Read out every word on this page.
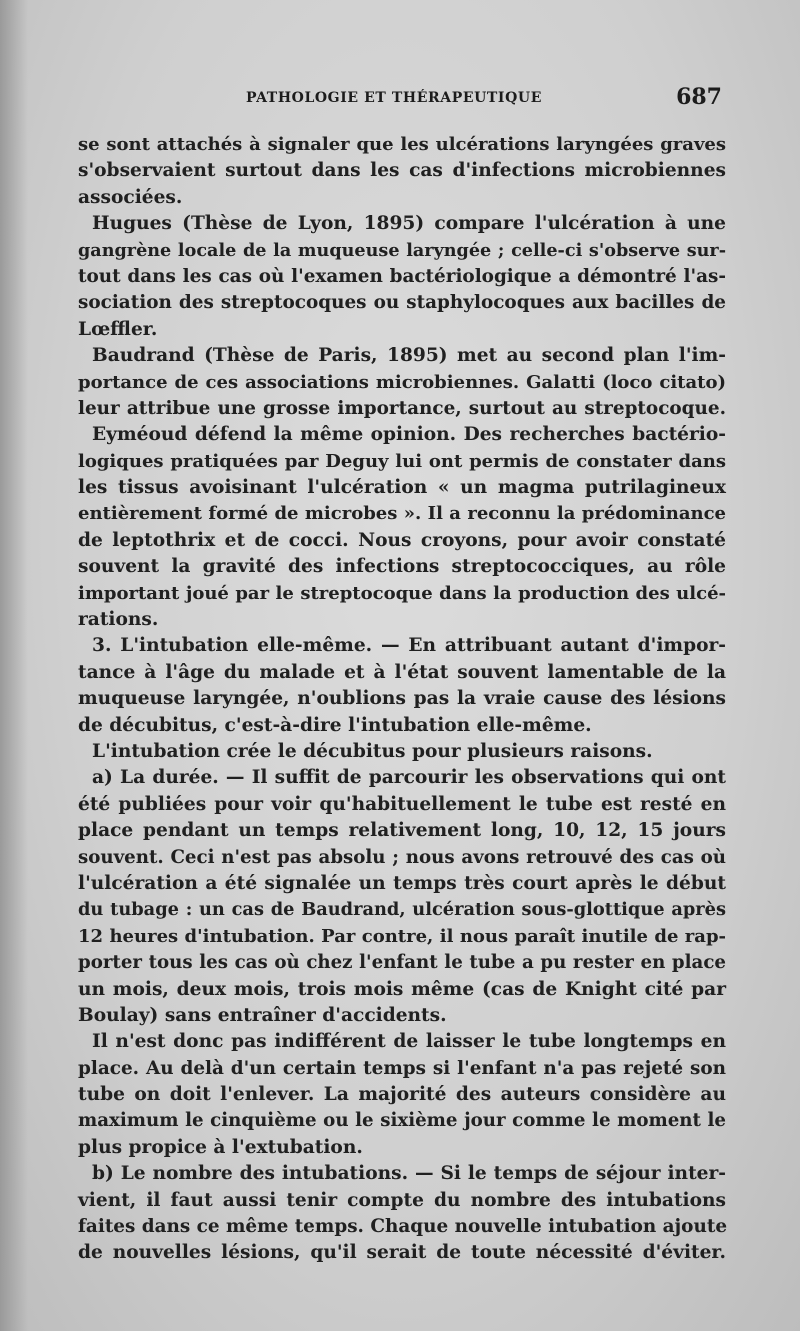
PATHOLOGIE ET THÉRAPEUTIQUE	687
se sont attachés à signaler que les ulcérations laryngées graves
s'observaient surtout dans les cas d'infections microbiennes
associées.
Hugues (Thèse de Lyon, 1895) compare l'ulcération à une
gangrène locale de la muqueuse laryngée ; celle-ci s'observe sur-
tout dans les cas où l'examen bactériologique a démontré l'as-
sociation des streptocoques ou staphylocoques aux bacilles de
Lœffler.
Baudrand (Thèse de Paris, 1895) met au second plan l'im-
portance de ces associations microbiennes. Galatti (loco citato)
leur attribue une grosse importance, surtout au streptocoque.
Eyméoud défend la même opinion. Des recherches bactério-
logiques pratiquées par Deguy lui ont permis de constater dans
les tissus avoisinant l'ulcération « un magma putrilagineux
entièrement formé de microbes ». Il a reconnu la prédominance
de leptothrix et de cocci. Nous croyons, pour avoir constaté
souvent la gravité des infections streptococciques, au rôle
important joué par le streptocoque dans la production des ulcé-
rations.
3. L'intubation elle-même. — En attribuant autant d'impor-
tance à l'âge du malade et à l'état souvent lamentable de la
muqueuse laryngée, n'oublions pas la vraie cause des lésions
de décubitus, c'est-à-dire l'intubation elle-même.
L'intubation crée le décubitus pour plusieurs raisons.
a) La durée. — Il suffit de parcourir les observations qui ont
été publiées pour voir qu'habituellement le tube est resté en
place pendant un temps relativement long, 10, 12, 15 jours
souvent. Ceci n'est pas absolu ; nous avons retrouvé des cas où
l'ulcération a été signalée un temps très court après le début
du tubage : un cas de Baudrand, ulcération sous-glottique après
12 heures d'intubation. Par contre, il nous paraît inutile de rap-
porter tous les cas où chez l'enfant le tube a pu rester en place
un mois, deux mois, trois mois même (cas de Knight cité par
Boulay) sans entraîner d'accidents.
Il n'est donc pas indifférent de laisser le tube longtemps en
place. Au delà d'un certain temps si l'enfant n'a pas rejeté son
tube on doit l'enlever. La majorité des auteurs considère au
maximum le cinquième ou le sixième jour comme le moment le
plus propice à l'extubation.
b) Le nombre des intubations. — Si le temps de séjour inter-
vient, il faut aussi tenir compte du nombre des intubations
faites dans ce même temps. Chaque nouvelle intubation ajoute
de nouvelles lésions, qu'il serait de toute nécessité d'éviter.
